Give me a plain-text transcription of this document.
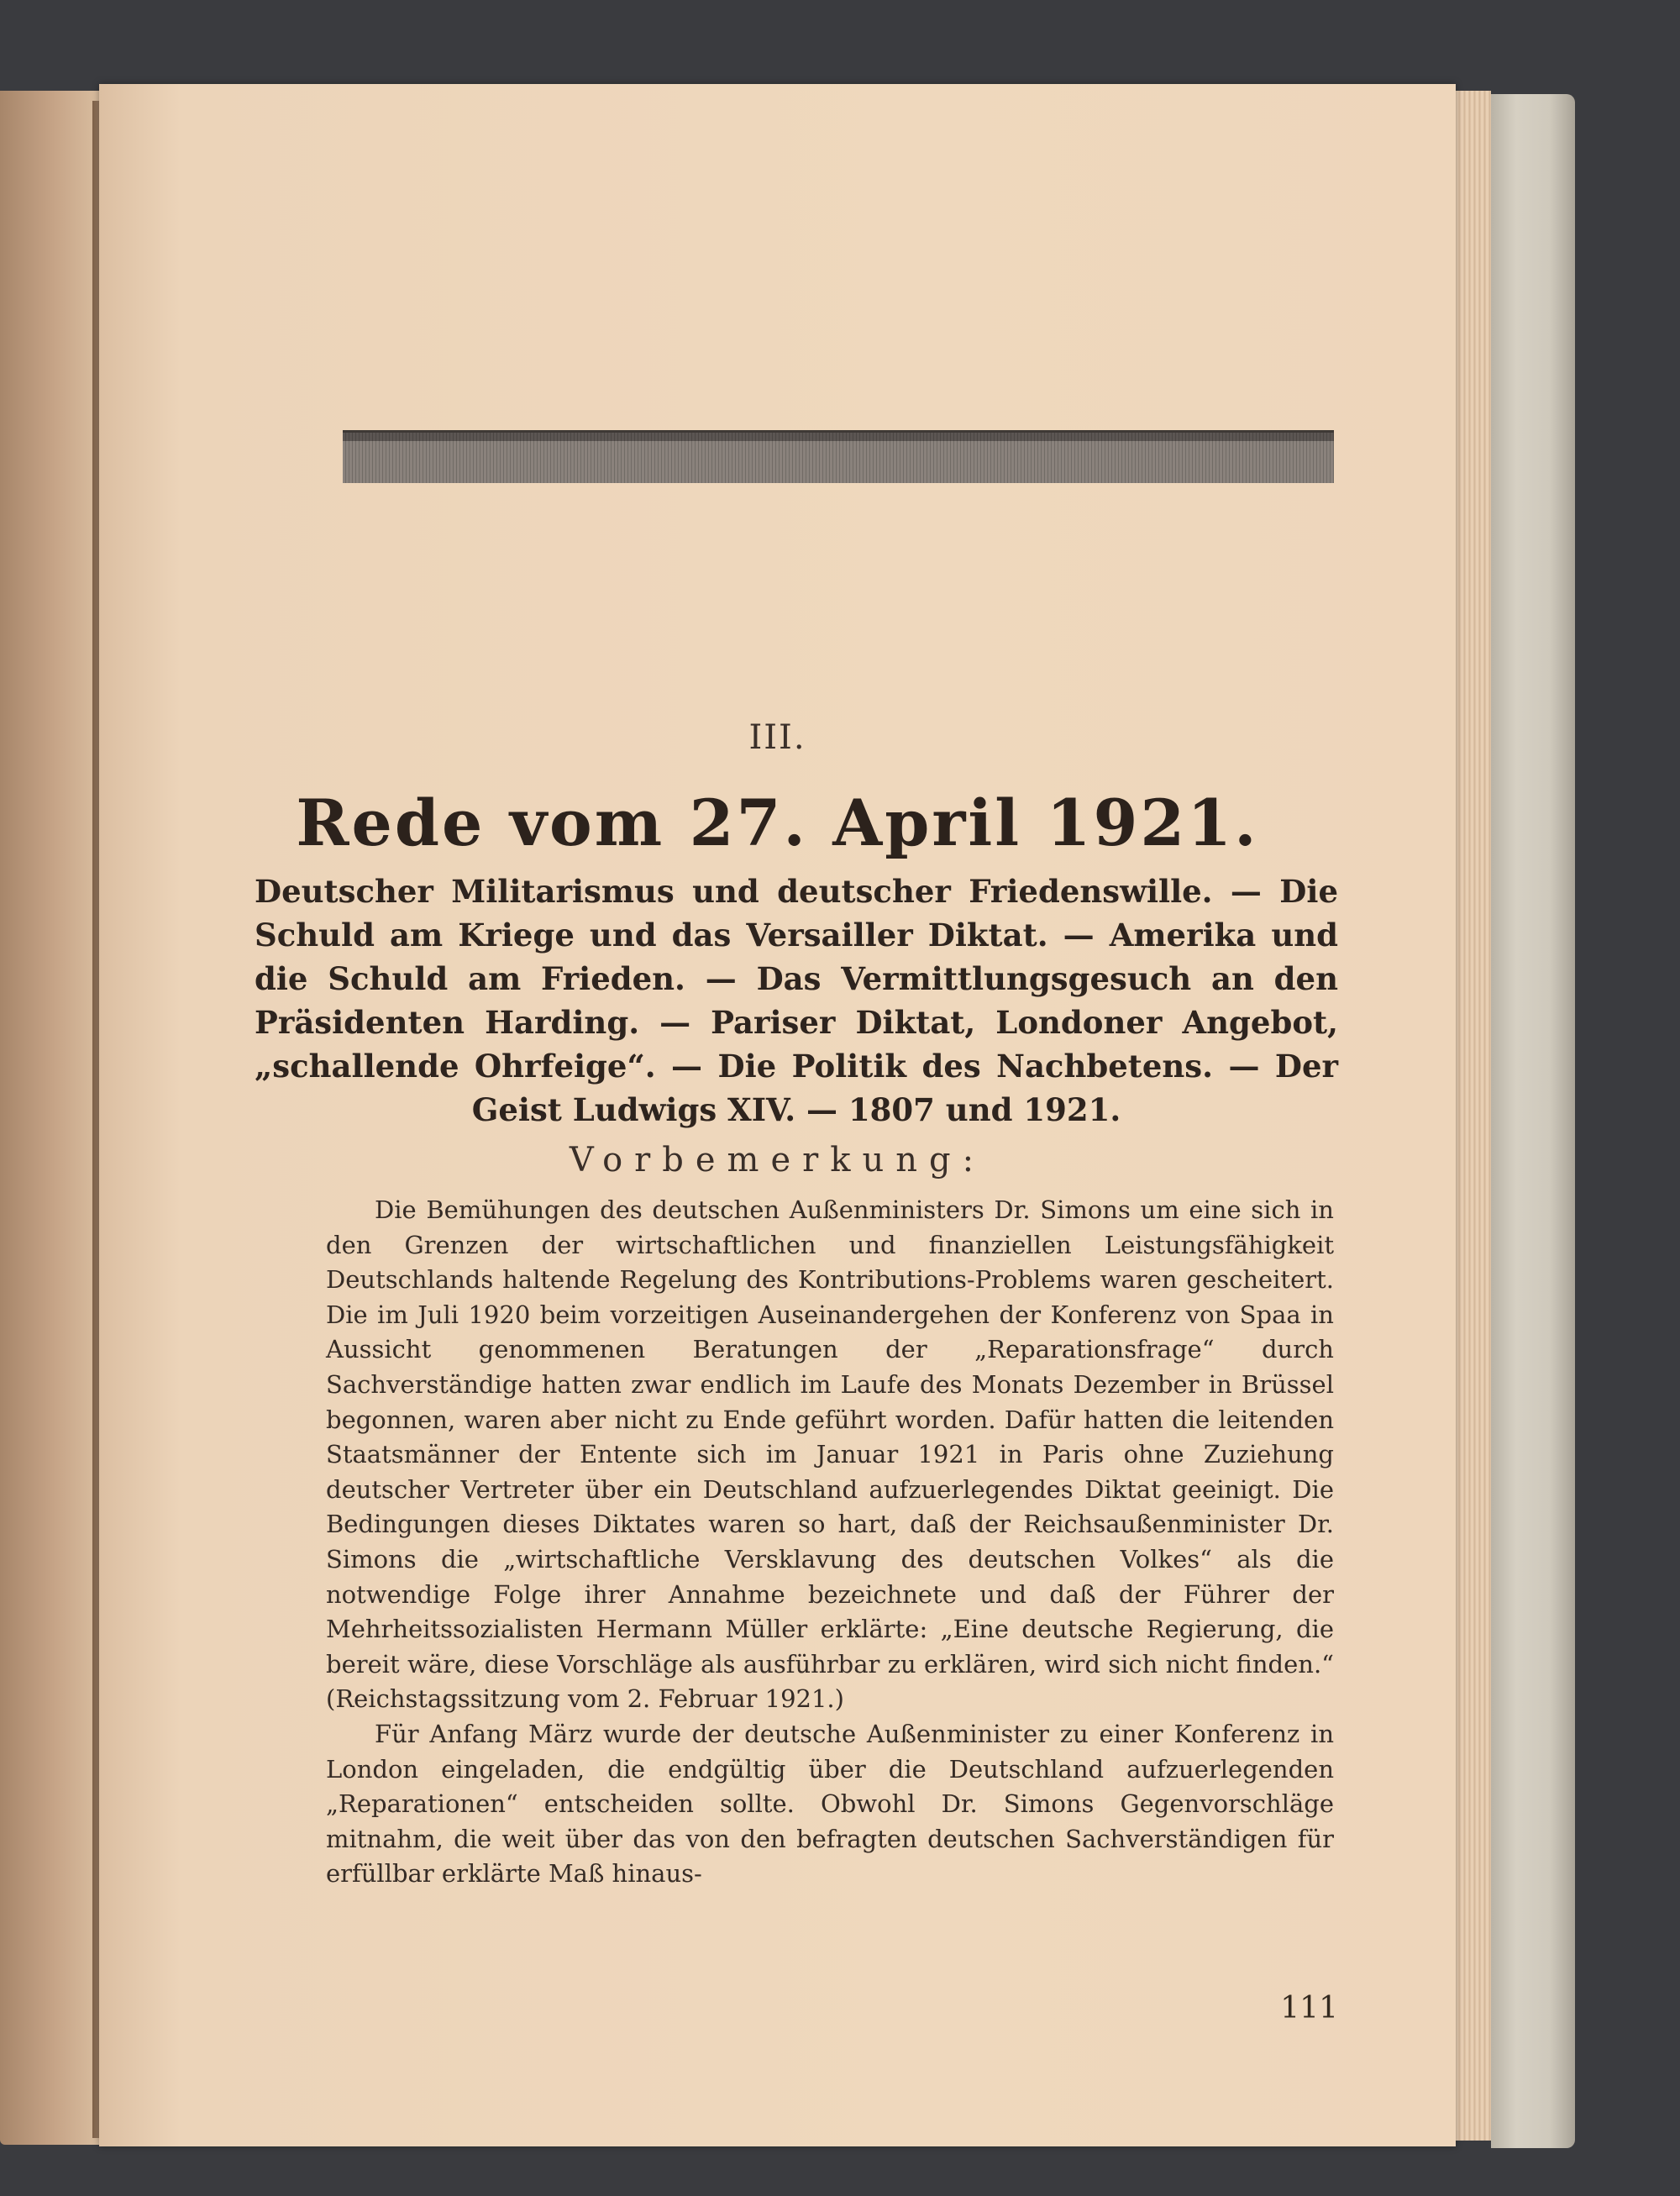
III.
Rede vom 27. April 1921.
Deutscher Militarismus und deutscher Friedenswille. — Die Schuld am Kriege und das Versailler Diktat. — Amerika und die Schuld am Frieden. — Das Vermittlungsgesuch an den Präsidenten Harding. — Pariser Diktat, Londoner Angebot, „schallende Ohrfeige“. — Die Politik des Nachbetens. — Der Geist Ludwigs XIV. — 1807 und 1921.
Vorbemerkung:

Die Bemühungen des deutschen Außenministers Dr. Simons um eine sich in den Grenzen der wirtschaftlichen und finanziellen Leistungsfähigkeit Deutschlands haltende Regelung des Kontributions-Problems waren gescheitert. Die im Juli 1920 beim vorzeitigen Auseinandergehen der Konferenz von Spaa in Aussicht genommenen Beratungen der „Reparationsfrage“ durch Sachverständige hatten zwar endlich im Laufe des Monats Dezember in Brüssel begonnen, waren aber nicht zu Ende geführt worden. Dafür hatten die leitenden Staatsmänner der Entente sich im Januar 1921 in Paris ohne Zuziehung deutscher Vertreter über ein Deutschland aufzuerlegendes Diktat geeinigt. Die Bedingungen dieses Diktates waren so hart, daß der Reichsaußenminister Dr. Simons die „wirtschaftliche Versklavung des deutschen Volkes“ als die notwendige Folge ihrer Annahme bezeichnete und daß der Führer der Mehrheitssozialisten Hermann Müller erklärte: „Eine deutsche Regierung, die bereit wäre, diese Vorschläge als ausführbar zu erklären, wird sich nicht finden.“ (Reichstagssitzung vom 2. Februar 1921.)

Für Anfang März wurde der deutsche Außenminister zu einer Konferenz in London eingeladen, die endgültig über die Deutschland aufzuerlegenden „Reparationen“ entscheiden sollte. Obwohl Dr. Simons Gegenvorschläge mitnahm, die weit über das von den befragten deutschen Sachverständigen für erfüllbar erklärte Maß hinaus-

111
